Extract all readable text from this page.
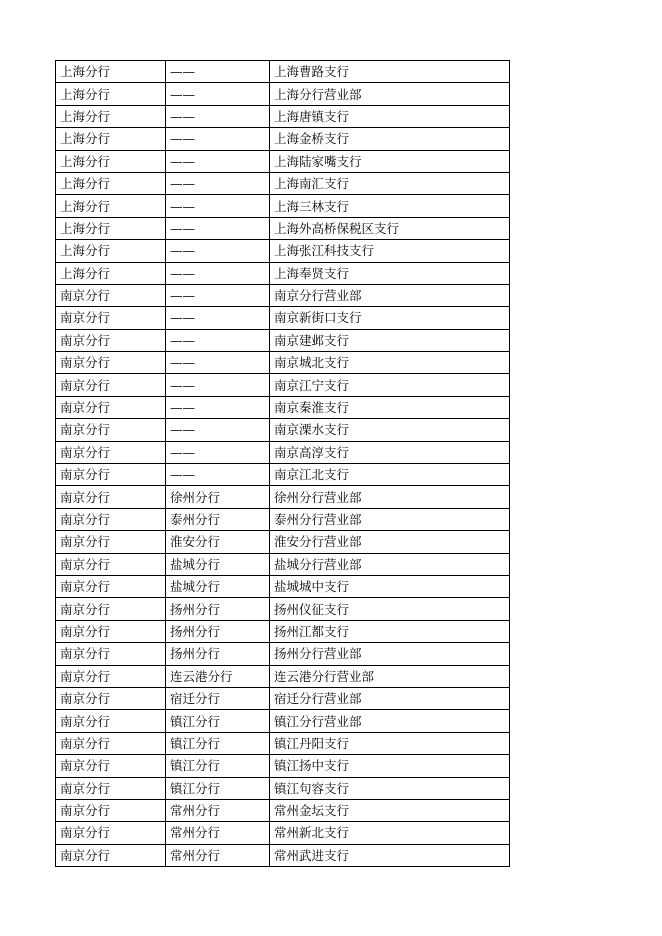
上海分行	——	上海曹路支行
上海分行	——	上海分行营业部
上海分行	——	上海唐镇支行
上海分行	——	上海金桥支行
上海分行	——	上海陆家嘴支行
上海分行	——	上海南汇支行
上海分行	——	上海三林支行
上海分行	——	上海外高桥保税区支行
上海分行	——	上海张江科技支行
上海分行	——	上海奉贤支行
南京分行	——	南京分行营业部
南京分行	——	南京新街口支行
南京分行	——	南京建邺支行
南京分行	——	南京城北支行
南京分行	——	南京江宁支行
南京分行	——	南京秦淮支行
南京分行	——	南京溧水支行
南京分行	——	南京高淳支行
南京分行	——	南京江北支行
南京分行	徐州分行	徐州分行营业部
南京分行	泰州分行	泰州分行营业部
南京分行	淮安分行	淮安分行营业部
南京分行	盐城分行	盐城分行营业部
南京分行	盐城分行	盐城城中支行
南京分行	扬州分行	扬州仪征支行
南京分行	扬州分行	扬州江都支行
南京分行	扬州分行	扬州分行营业部
南京分行	连云港分行	连云港分行营业部
南京分行	宿迁分行	宿迁分行营业部
南京分行	镇江分行	镇江分行营业部
南京分行	镇江分行	镇江丹阳支行
南京分行	镇江分行	镇江扬中支行
南京分行	镇江分行	镇江句容支行
南京分行	常州分行	常州金坛支行
南京分行	常州分行	常州新北支行
南京分行	常州分行	常州武进支行
